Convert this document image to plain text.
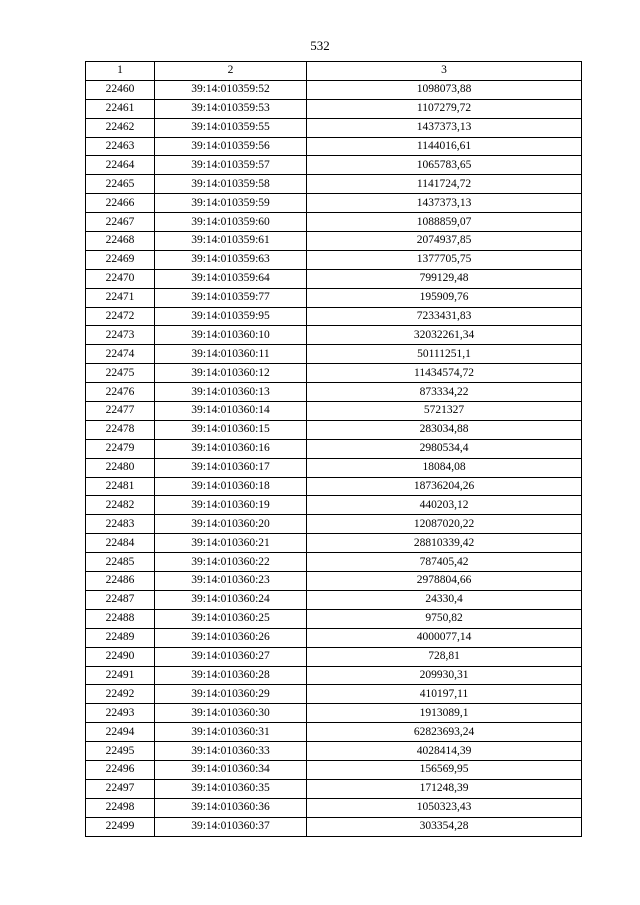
532
1	2	3
22460	39:14:010359:52	1098073,88
22461	39:14:010359:53	1107279,72
22462	39:14:010359:55	1437373,13
22463	39:14:010359:56	1144016,61
22464	39:14:010359:57	1065783,65
22465	39:14:010359:58	1141724,72
22466	39:14:010359:59	1437373,13
22467	39:14:010359:60	1088859,07
22468	39:14:010359:61	2074937,85
22469	39:14:010359:63	1377705,75
22470	39:14:010359:64	799129,48
22471	39:14:010359:77	195909,76
22472	39:14:010359:95	7233431,83
22473	39:14:010360:10	32032261,34
22474	39:14:010360:11	50111251,1
22475	39:14:010360:12	11434574,72
22476	39:14:010360:13	873334,22
22477	39:14:010360:14	5721327
22478	39:14:010360:15	283034,88
22479	39:14:010360:16	2980534,4
22480	39:14:010360:17	18084,08
22481	39:14:010360:18	18736204,26
22482	39:14:010360:19	440203,12
22483	39:14:010360:20	12087020,22
22484	39:14:010360:21	28810339,42
22485	39:14:010360:22	787405,42
22486	39:14:010360:23	2978804,66
22487	39:14:010360:24	24330,4
22488	39:14:010360:25	9750,82
22489	39:14:010360:26	4000077,14
22490	39:14:010360:27	728,81
22491	39:14:010360:28	209930,31
22492	39:14:010360:29	410197,11
22493	39:14:010360:30	1913089,1
22494	39:14:010360:31	62823693,24
22495	39:14:010360:33	4028414,39
22496	39:14:010360:34	156569,95
22497	39:14:010360:35	171248,39
22498	39:14:010360:36	1050323,43
22499	39:14:010360:37	303354,28
